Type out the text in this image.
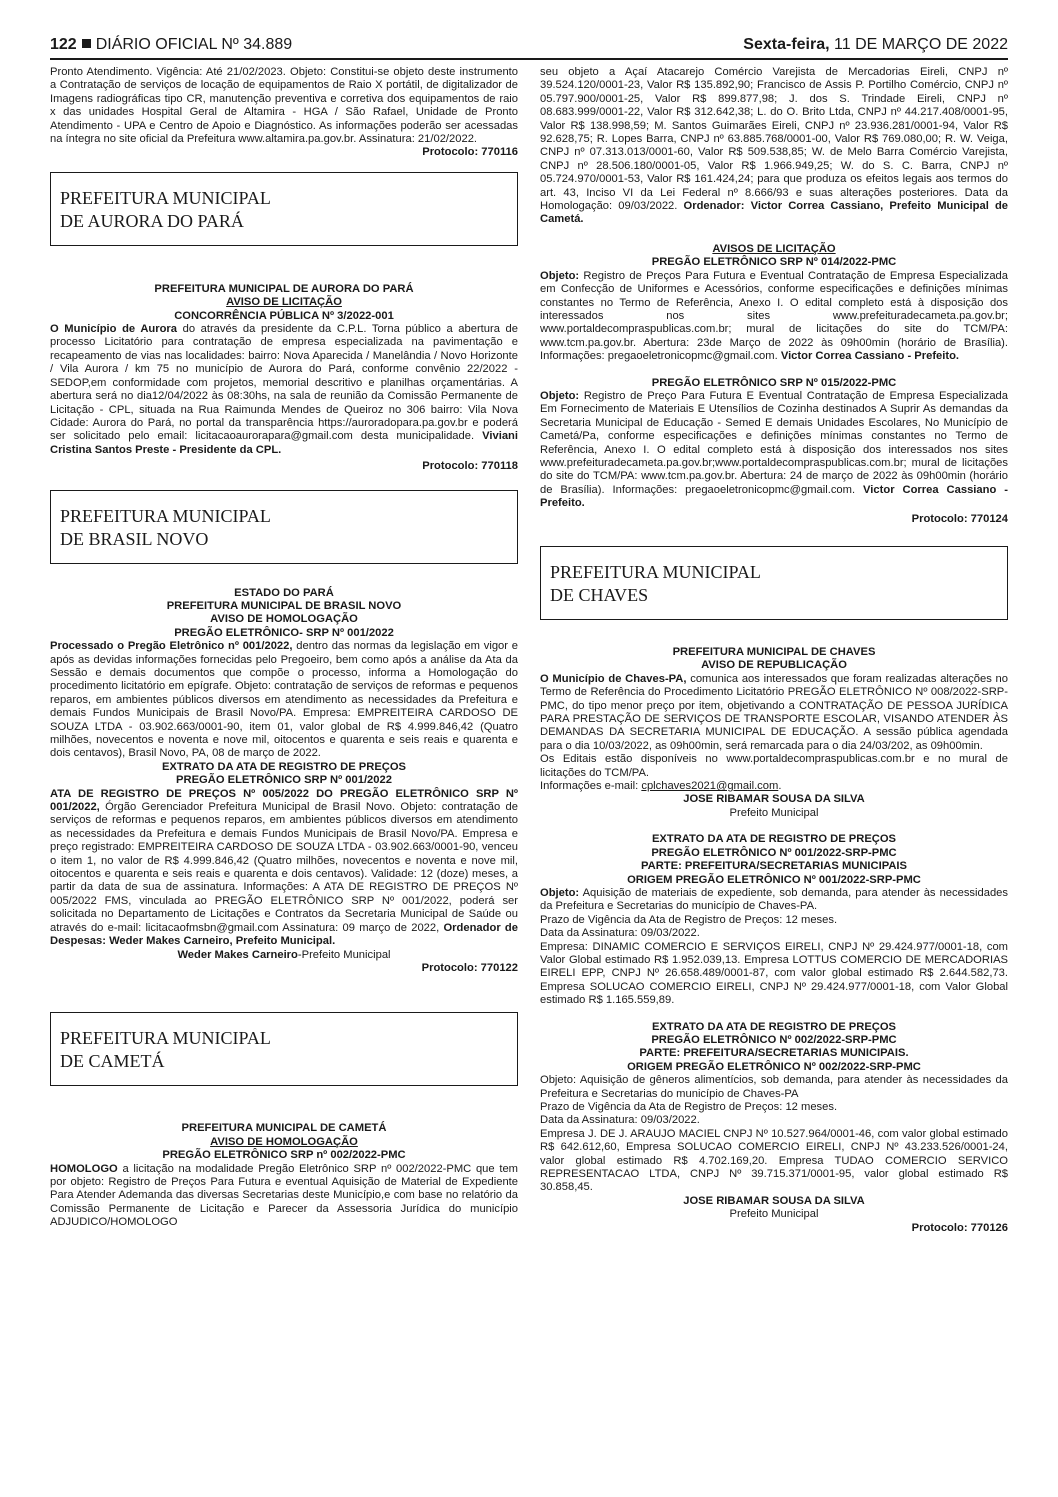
122 DIÁRIO OFICIAL Nº 34.889	Sexta-feira, 11 DE MARÇO DE 2022

Pronto Atendimento. Vigência: Até 21/02/2023. Objeto: Constitui-se objeto deste instrumento a Contratação de serviços de locação de equipamentos de Raio X portátil, de digitalizador de Imagens radiográficas tipo CR, manutenção preventiva e corretiva dos equipamentos de raio x das unidades Hospital Geral de Altamira - HGA / São Rafael, Unidade de Pronto Atendimento - UPA e Centro de Apoio e Diagnóstico. As informações poderão ser acessadas na íntegra no site oficial da Prefeitura www.altamira.pa.gov.br. Assinatura: 21/02/2022.

Protocolo: 770116

PREFEITURA MUNICIPAL
DE AURORA DO PARÁ

PREFEITURA MUNICIPAL DE AURORA DO PARÁ

AVISO DE LICITAÇÃO

CONCORRÊNCIA PÚBLICA Nº 3/2022-001

O Município de Aurora do através da presidente da C.P.L. Torna público a abertura de processo Licitatório para contratação de empresa especializada na pavimentação e recapeamento de vias nas localidades: bairro: Nova Aparecida / Manelândia / Novo Horizonte / Vila Aurora / km 75 no município de Aurora do Pará, conforme convênio 22/2022 - SEDOP,em conformidade com projetos, memorial descritivo e planilhas orçamentárias. A abertura será no dia12/04/2022 às 08:30hs, na sala de reunião da Comissão Permanente de Licitação - CPL, situada na Rua Raimunda Mendes de Queiroz no 306 bairro: Vila Nova Cidade: Aurora do Pará, no portal da transparência https://auroradopara.pa.gov.br e poderá ser solicitado pelo email: licitacaoaurorapara@gmail.com desta municipalidade. Viviani Cristina Santos Preste - Presidente da CPL.

Protocolo: 770118

PREFEITURA MUNICIPAL
DE BRASIL NOVO

ESTADO DO PARÁ

PREFEITURA MUNICIPAL DE BRASIL NOVO

AVISO DE HOMOLOGAÇÃO

PREGÃO ELETRÔNICO- SRP Nº 001/2022

Processado o Pregão Eletrônico nº 001/2022, dentro das normas da legislação em vigor e após as devidas informações fornecidas pelo Pregoeiro, bem como após a análise da Ata da Sessão e demais documentos que compõe o processo, informa a Homologação do procedimento licitatório em epígrafe. Objeto: contratação de serviços de reformas e pequenos reparos, em ambientes públicos diversos em atendimento as necessidades da Prefeitura e demais Fundos Municipais de Brasil Novo/PA. Empresa: EMPREITEIRA CARDOSO DE SOUZA LTDA - 03.902.663/0001-90, item 01, valor global de R$ 4.999.846,42 (Quatro milhões, novecentos e noventa e nove mil, oitocentos e quarenta e seis reais e quarenta e dois centavos), Brasil Novo, PA, 08 de março de 2022.

EXTRATO DA ATA DE REGISTRO DE PREÇOS

PREGÃO ELETRÔNICO SRP Nº 001/2022

ATA DE REGISTRO DE PREÇOS Nº 005/2022 DO PREGÃO ELETRÔNICO SRP Nº 001/2022, Órgão Gerenciador Prefeitura Municipal de Brasil Novo. Objeto: contratação de serviços de reformas e pequenos reparos, em ambientes públicos diversos em atendimento as necessidades da Prefeitura e demais Fundos Municipais de Brasil Novo/PA. Empresa e preço registrado: EMPREITEIRA CARDOSO DE SOUZA LTDA - 03.902.663/0001-90, venceu o item 1, no valor de R$ 4.999.846,42 (Quatro milhões, novecentos e noventa e nove mil, oitocentos e quarenta e seis reais e quarenta e dois centavos). Validade: 12 (doze) meses, a partir da data de sua de assinatura. Informações: A ATA DE REGISTRO DE PREÇOS Nº 005/2022 FMS, vinculada ao PREGÃO ELETRÔNICO SRP Nº 001/2022, poderá ser solicitada no Departamento de Licitações e Contratos da Secretaria Municipal de Saúde ou através do e-mail: licitacaofmsbn@gmail.com Assinatura: 09 março de 2022, Ordenador de Despesas: Weder Makes Carneiro, Prefeito Municipal.

Weder Makes Carneiro-Prefeito Municipal

Protocolo: 770122

PREFEITURA MUNICIPAL
DE CAMETÁ

PREFEITURA MUNICIPAL DE CAMETÁ

AVISO DE HOMOLOGAÇÃO

PREGÃO ELETRÔNICO SRP nº 002/2022-PMC

HOMOLOGO a licitação na modalidade Pregão Eletrônico SRP nº 002/2022-PMC que tem por objeto: Registro de Preços Para Futura e eventual Aquisição de Material de Expediente Para Atender Ademanda das diversas Secretarias deste Município,e com base no relatório da Comissão Permanente de Licitação e Parecer da Assessoria Jurídica do município ADJUDICO/HOMOLOGO

seu objeto a Açaí Atacarejo Comércio Varejista de Mercadorias Eireli, CNPJ nº 39.524.120/0001-23, Valor R$ 135.892,90; Francisco de Assis P. Portilho Comércio, CNPJ nº 05.797.900/0001-25, Valor R$ 899.877,98; J. dos S. Trindade Eireli, CNPJ nº 08.683.999/0001-22, Valor R$ 312.642,38; L. do O. Brito Ltda, CNPJ nº 44.217.408/0001-95, Valor R$ 138.998,59; M. Santos Guimarães Eireli, CNPJ nº 23.936.281/0001-94, Valor R$ 92.628,75; R. Lopes Barra, CNPJ nº 63.885.768/0001-00, Valor R$ 769.080,00; R. W. Veiga, CNPJ nº 07.313.013/0001-60, Valor R$ 509.538,85; W. de Melo Barra Comércio Varejista, CNPJ nº 28.506.180/0001-05, Valor R$ 1.966.949,25; W. do S. C. Barra, CNPJ nº 05.724.970/0001-53, Valor R$ 161.424,24; para que produza os efeitos legais aos termos do art. 43, Inciso VI da Lei Federal nº 8.666/93 e suas alterações posteriores. Data da Homologação: 09/03/2022. Ordenador: Victor Correa Cassiano, Prefeito Municipal de Cametá.

AVISOS DE LICITAÇÃO

PREGÃO ELETRÔNICO SRP Nº 014/2022-PMC

Objeto: Registro de Preços Para Futura e Eventual Contratação de Empresa Especializada em Confecção de Uniformes e Acessórios, conforme especificações e definições mínimas constantes no Termo de Referência, Anexo I. O edital completo está à disposição dos interessados nos sites www.prefeituradecameta.pa.gov.br; www.portaldecompraspublicas.com.br; mural de licitações do site do TCM/PA: www.tcm.pa.gov.br. Abertura: 23de Março de 2022 às 09h00min (horário de Brasília). Informações: pregaoeletronicopmc@gmail.com. Victor Correa Cassiano - Prefeito.

PREGÃO ELETRÔNICO SRP Nº 015/2022-PMC

Objeto: Registro de Preço Para Futura E Eventual Contratação de Empresa Especializada Em Fornecimento de Materiais E Utensílios de Cozinha destinados A Suprir As demandas da Secretaria Municipal de Educação - Semed E demais Unidades Escolares, No Município de Cametá/Pa, conforme especificações e definições mínimas constantes no Termo de Referência, Anexo I. O edital completo está à disposição dos interessados nos sites www.prefeituradecameta.pa.gov.br;www.portaldecompraspublicas.com.br; mural de licitações do site do TCM/PA: www.tcm.pa.gov.br. Abertura: 24 de março de 2022 às 09h00min (horário de Brasília). Informações: pregaoeletronicopmc@gmail.com. Victor Correa Cassiano - Prefeito.

Protocolo: 770124

PREFEITURA MUNICIPAL
DE CHAVES

PREFEITURA MUNICIPAL DE CHAVES

AVISO DE REPUBLICAÇÃO

O Município de Chaves-PA, comunica aos interessados que foram realizadas alterações no Termo de Referência do Procedimento Licitatório PREGÃO ELETRÔNICO Nº 008/2022-SRP-PMC, do tipo menor preço por item, objetivando a CONTRATAÇÃO DE PESSOA JURÍDICA PARA PRESTAÇÃO DE SERVIÇOS DE TRANSPORTE ESCOLAR, VISANDO ATENDER ÀS DEMANDAS DA SECRETARIA MUNICIPAL DE EDUCAÇÃO. A sessão pública agendada para o dia 10/03/2022, as 09h00min, será remarcada para o dia 24/03/202, as 09h00min.

Os Editais estão disponíveis no www.portaldecompraspublicas.com.br e no mural de licitações do TCM/PA.

Informações e-mail: cplchaves2021@gmail.com.

JOSE RIBAMAR SOUSA DA SILVA

Prefeito Municipal

EXTRATO DA ATA DE REGISTRO DE PREÇOS

PREGÃO ELETRÔNICO Nº 001/2022-SRP-PMC

PARTE: PREFEITURA/SECRETARIAS MUNICIPAIS

ORIGEM PREGÃO ELETRÔNICO Nº 001/2022-SRP-PMC

Objeto: Aquisição de materiais de expediente, sob demanda, para atender às necessidades da Prefeitura e Secretarias do município de Chaves-PA.

Prazo de Vigência da Ata de Registro de Preços: 12 meses.

Data da Assinatura: 09/03/2022.

Empresa: DINAMIC COMERCIO E SERVIÇOS EIRELI, CNPJ Nº 29.424.977/0001-18, com Valor Global estimado R$ 1.952.039,13. Empresa LOTTUS COMERCIO DE MERCADORIAS EIRELI EPP, CNPJ Nº 26.658.489/0001-87, com valor global estimado R$ 2.644.582,73. Empresa SOLUCAO COMERCIO EIRELI, CNPJ Nº 29.424.977/0001-18, com Valor Global estimado R$ 1.165.559,89.

EXTRATO DA ATA DE REGISTRO DE PREÇOS

PREGÃO ELETRÔNICO Nº 002/2022-SRP-PMC

PARTE: PREFEITURA/SECRETARIAS MUNICIPAIS.

ORIGEM PREGÃO ELETRÔNICO Nº 002/2022-SRP-PMC

Objeto: Aquisição de gêneros alimentícios, sob demanda, para atender às necessidades da Prefeitura e Secretarias do município de Chaves-PA

Prazo de Vigência da Ata de Registro de Preços: 12 meses.

Data da Assinatura: 09/03/2022.

Empresa J. DE J. ARAUJO MACIEL CNPJ Nº 10.527.964/0001-46, com valor global estimado R$ 642.612,60, Empresa SOLUCAO COMERCIO EIRELI, CNPJ Nº 43.233.526/0001-24, valor global estimado R$ 4.702.169,20. Empresa TUDAO COMERCIO SERVICO REPRESENTACAO LTDA, CNPJ Nº 39.715.371/0001-95, valor global estimado R$ 30.858,45.

JOSE RIBAMAR SOUSA DA SILVA

Prefeito Municipal

Protocolo: 770126
